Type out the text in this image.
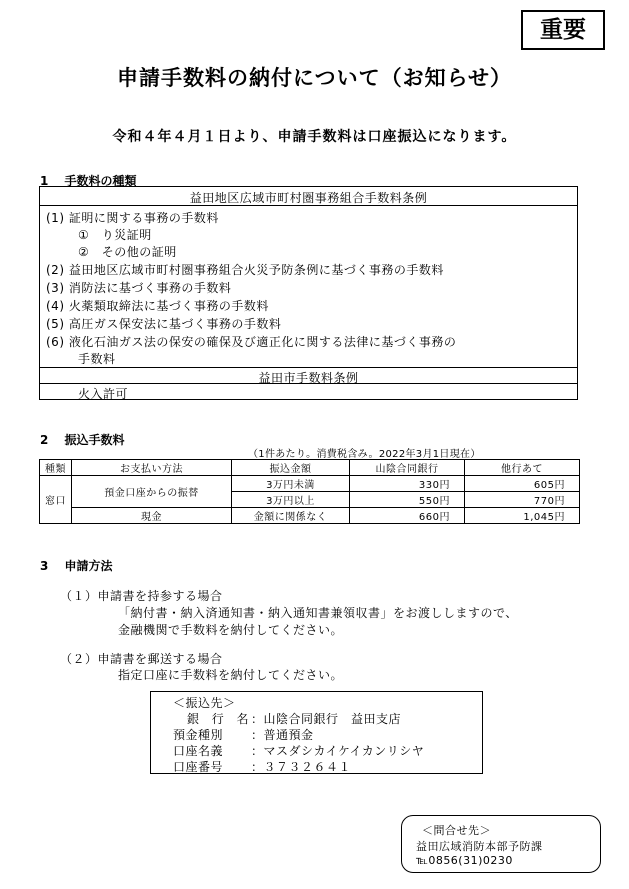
重要
申請手数料の納付について（お知らせ）
令和４年４月１日より、申請手数料は口座振込になります。
1　 手数料の種類
益田地区広域市町村圏事務組合手数料条例
(1) 証明に関する事務の手数料
①　り災証明
②　その他の証明
(2) 益田地区広域市町村圏事務組合火災予防条例に基づく事務の手数料
(3) 消防法に基づく事務の手数料
(4) 火薬類取締法に基づく事務の手数料
(5) 高圧ガス保安法に基づく事務の手数料
(6) 液化石油ガス法の保安の確保及び適正化に関する法律に基づく事務の
手数料
益田市手数料条例
火入許可
2　 振込手数料
（1件あたり。消費税含み。2022年3月1日現在）
種類	お支払い方法	振込金額	山陰合同銀行	他行あて
窓口	預金口座からの振替	3万円未満	330円	605円
		3万円以上	550円	770円
	現金	金額に関係なく	660円	1,045円
3　 申請方法
（１）申請書を持参する場合
「納付書・納入済通知書・納入通知書兼領収書」をお渡ししますので、
金融機関で手数料を納付してください。
（２）申請書を郵送する場合
指定口座に手数料を納付してください。
＜振込先＞
銀行名 ：山陰合同銀行　益田支店
預金種別 ：普通預金
口座名義 ：マスダシカイケイカンリシヤ
口座番号 ：３７３２６４１
＜問合せ先＞
益田広域消防本部予防課
℡0856(31)0230
